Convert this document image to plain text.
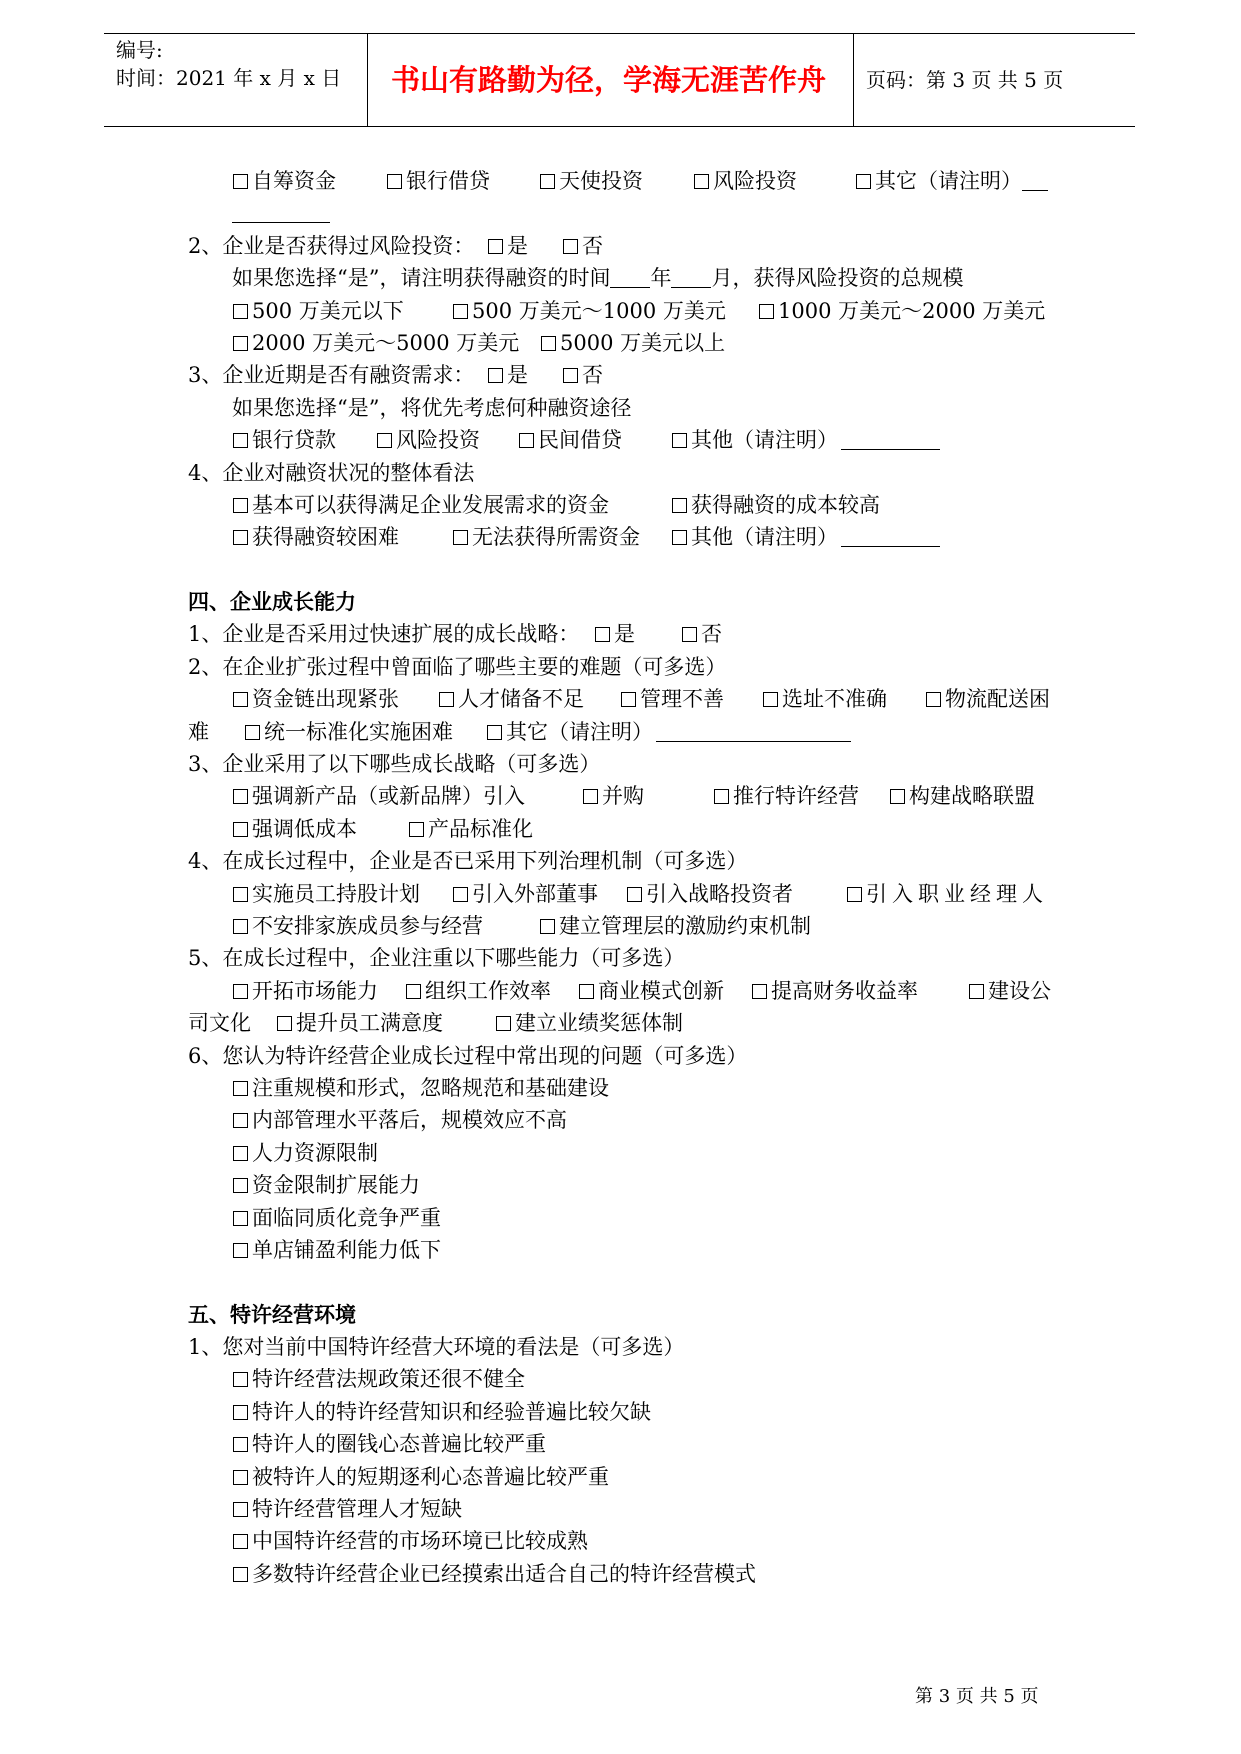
编号:
时间：2021 年 x 月 x 日 书山有路勤为径，学海无涯苦作舟 页码：第 3 页 共 5 页
自筹资金	银行借贷	天使投资	风险投资	其它（请注明）
2、企业是否获得过风险投资：	是	否
如果您选择“是”，请注明获得融资的时间 年 月，获得风险投资的总规模
500 万美元以下	500 万美元～1000 万美元	1000 万美元～2000 万美元
2000 万美元～5000 万美元	5000 万美元以上
3、企业近期是否有融资需求：	是	否
如果您选择“是”，将优先考虑何种融资途径
银行贷款	风险投资	民间借贷	其他（请注明）
4、企业对融资状况的整体看法
基本可以获得满足企业发展需求的资金	获得融资的成本较高
获得融资较困难	无法获得所需资金	其他（请注明）
四、企业成长能力
1、企业是否采用过快速扩展的成长战略：	是	否
2、在企业扩张过程中曾面临了哪些主要的难题（可多选）
资金链出现紧张	人才储备不足	管理不善	选址不准确	物流配送困
难	统一标准化实施困难	其它（请注明）
3、企业采用了以下哪些成长战略（可多选）
强调新产品（或新品牌）引入	并购	推行特许经营	构建战略联盟
强调低成本	产品标准化
4、在成长过程中，企业是否已采用下列治理机制（可多选）
实施员工持股计划	引入外部董事	引入战略投资者	引入职业经理人
不安排家族成员参与经营	建立管理层的激励约束机制
5、在成长过程中，企业注重以下哪些能力（可多选）
开拓市场能力	组织工作效率	商业模式创新	提高财务收益率	建设公
司文化	提升员工满意度	建立业绩奖惩体制
6、您认为特许经营企业成长过程中常出现的问题（可多选）
注重规模和形式，忽略规范和基础建设
内部管理水平落后，规模效应不高
人力资源限制
资金限制扩展能力
面临同质化竞争严重
单店铺盈利能力低下
五、特许经营环境
1、您对当前中国特许经营大环境的看法是（可多选）
特许经营法规政策还很不健全
特许人的特许经营知识和经验普遍比较欠缺
特许人的圈钱心态普遍比较严重
被特许人的短期逐利心态普遍比较严重
特许经营管理人才短缺
中国特许经营的市场环境已比较成熟
多数特许经营企业已经摸索出适合自己的特许经营模式
第 3 页 共 5 页
